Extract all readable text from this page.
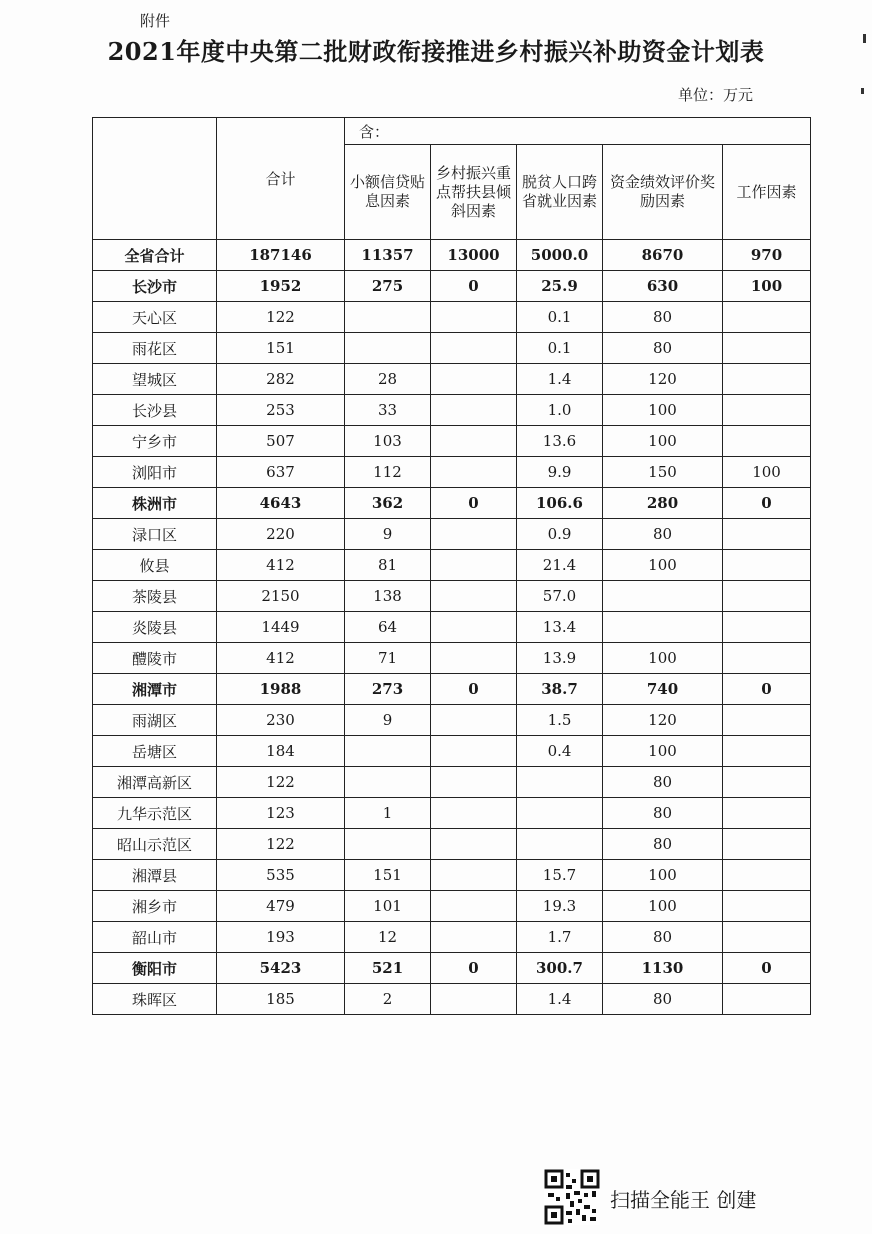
附件
2021年度中央第二批财政衔接推进乡村振兴补助资金计划表
单位：万元
	合计	含：				
		小额信贷贴息因素	乡村振兴重点帮扶县倾斜因素	脱贫人口跨省就业因素	资金绩效评价奖励因素	工作因素
全省合计	187146	11357	13000	5000.0	8670	970
长沙市	1952	275	0	25.9	630	100
天心区	122			0.1	80	
雨花区	151			0.1	80	
望城区	282	28		1.4	120	
长沙县	253	33		1.0	100	
宁乡市	507	103		13.6	100	
浏阳市	637	112		9.9	150	100
株洲市	4643	362	0	106.6	280	0
渌口区	220	9		0.9	80	
攸县	412	81		21.4	100	
茶陵县	2150	138		57.0		
炎陵县	1449	64		13.4		
醴陵市	412	71		13.9	100	
湘潭市	1988	273	0	38.7	740	0
雨湖区	230	9		1.5	120	
岳塘区	184			0.4	100	
湘潭高新区	122				80	
九华示范区	123	1			80	
昭山示范区	122				80	
湘潭县	535	151		15.7	100	
湘乡市	479	101		19.3	100	
韶山市	193	12		1.7	80	
衡阳市	5423	521	0	300.7	1130	0
珠晖区	185	2		1.4	80	
扫描全能王 创建
